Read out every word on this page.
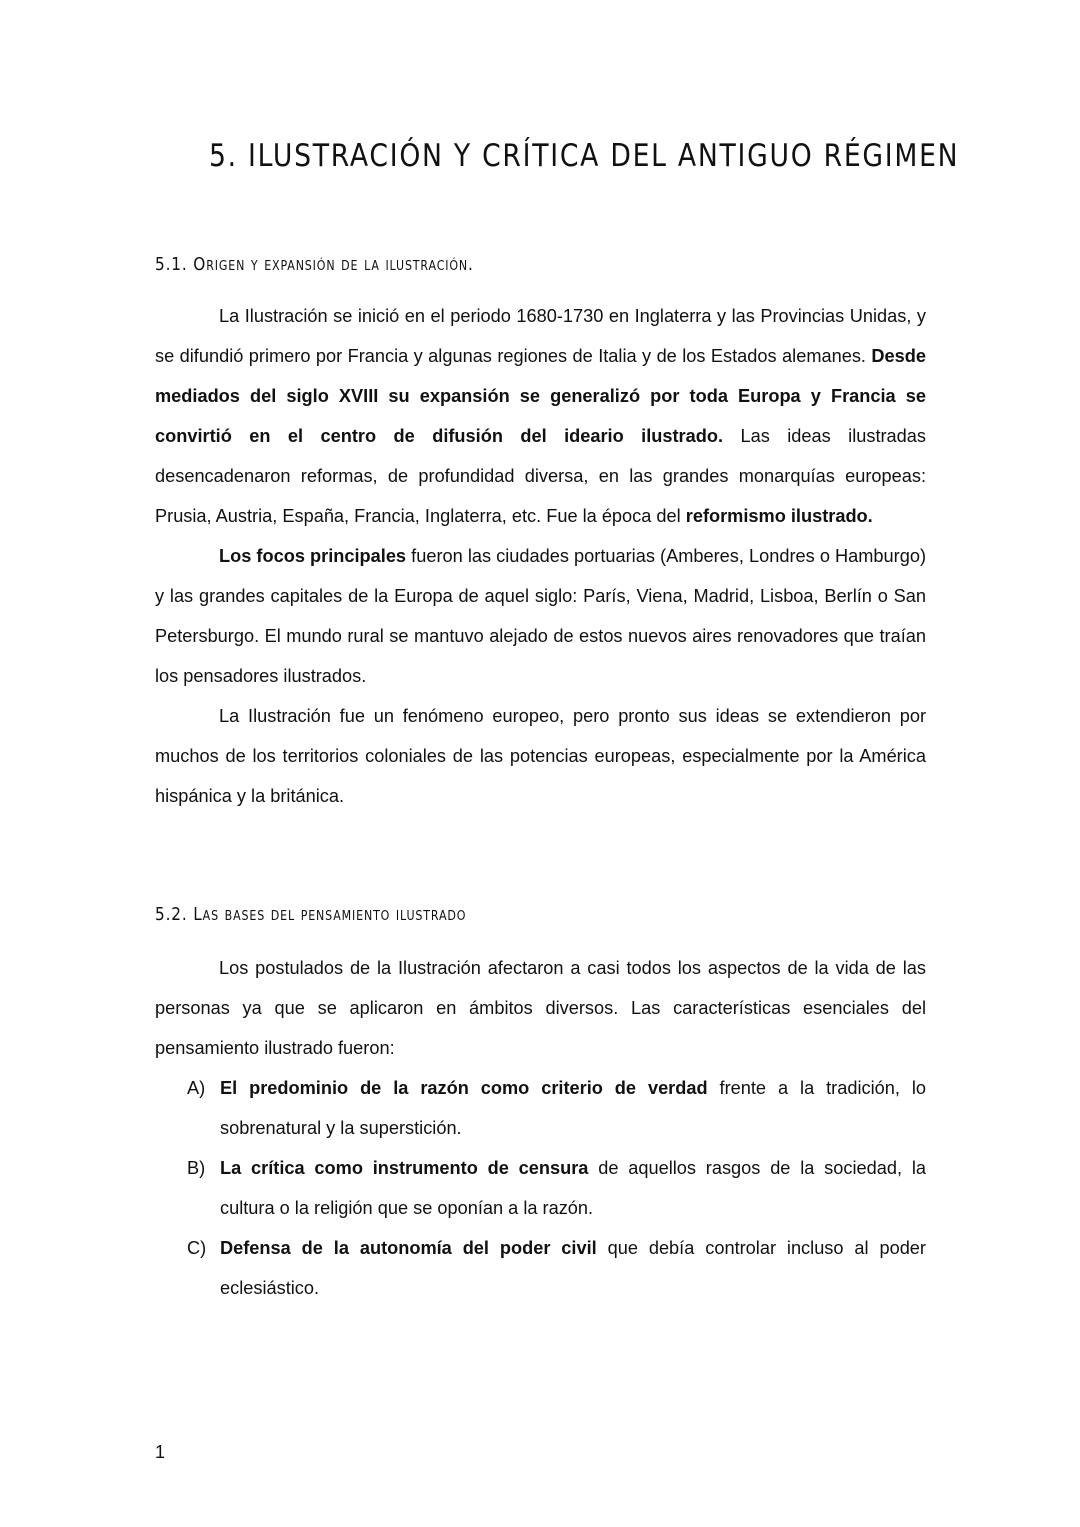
5. ILUSTRACIÓN Y CRÍTICA DEL ANTIGUO RÉGIMEN
5.1. Origen y expansión de la ilustración.

La Ilustración se inició en el periodo 1680-1730 en Inglaterra y las Provincias Unidas, y se difundió primero por Francia y algunas regiones de Italia y de los Estados alemanes. Desde mediados del siglo XVIII su expansión se generalizó por toda Europa y Francia se convirtió en el centro de difusión del ideario ilustrado. Las ideas ilustradas desencadenaron reformas, de profundidad diversa, en las grandes monarquías europeas: Prusia, Austria, España, Francia, Inglaterra, etc. Fue la época del reformismo ilustrado.

Los focos principales fueron las ciudades portuarias (Amberes, Londres o Hamburgo) y las grandes capitales de la Europa de aquel siglo: París, Viena, Madrid, Lisboa, Berlín o San Petersburgo. El mundo rural se mantuvo alejado de estos nuevos aires renovadores que traían los pensadores ilustrados.

La Ilustración fue un fenómeno europeo, pero pronto sus ideas se extendieron por muchos de los territorios coloniales de las potencias europeas, especialmente por la América hispánica y la británica.

5.2. Las bases del pensamiento ilustrado

Los postulados de la Ilustración afectaron a casi todos los aspectos de la vida de las personas ya que se aplicaron en ámbitos diversos. Las características esenciales del pensamiento ilustrado fueron:

A) El predominio de la razón como criterio de verdad frente a la tradición, lo sobrenatural y la superstición.
B) La crítica como instrumento de censura de aquellos rasgos de la sociedad, la cultura o la religión que se oponían a la razón.
C) Defensa de la autonomía del poder civil que debía controlar incluso al poder eclesiástico.
1
